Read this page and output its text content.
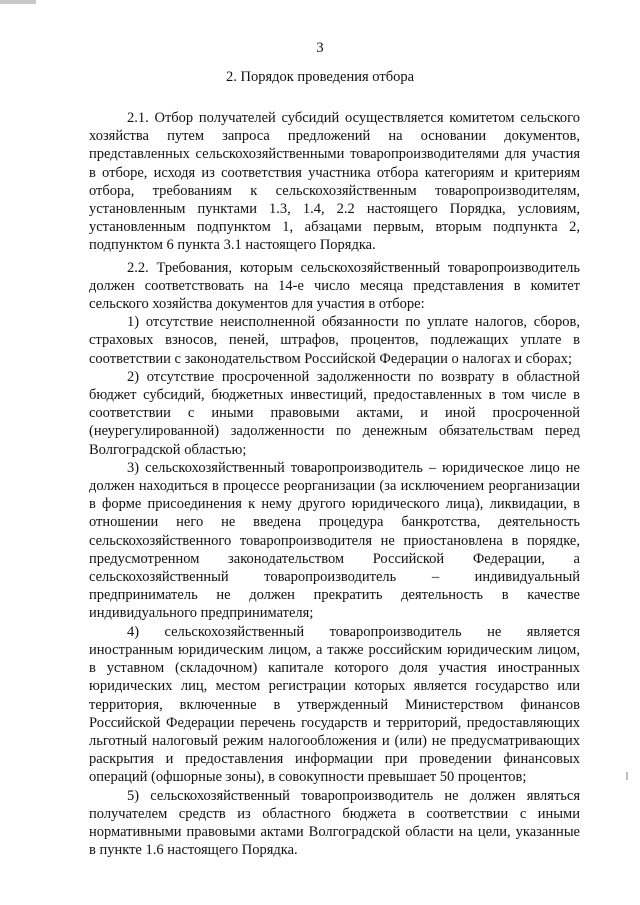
3
2. Порядок проведения отбора

2.1. Отбор получателей субсидий осуществляется комитетом сельского хозяйства путем запроса предложений на основании документов, представленных сельскохозяйственными товаропроизводителями для участия в отборе, исходя из соответствия участника отбора категориям и критериям отбора, требованиям к сельскохозяйственным товаропроизводителям, установленным пунктами 1.3, 1.4, 2.2 настоящего Порядка, условиям, установленным подпунктом 1, абзацами первым, вторым подпункта 2, подпунктом 6 пункта 3.1 настоящего Порядка.

2.2. Требования, которым сельскохозяйственный товаропроизводитель должен соответствовать на 14-е число месяца представления в комитет сельского хозяйства документов для участия в отборе:

1) отсутствие неисполненной обязанности по уплате налогов, сборов, страховых взносов, пеней, штрафов, процентов, подлежащих уплате в соответствии с законодательством Российской Федерации о налогах и сборах;

2) отсутствие просроченной задолженности по возврату в областной бюджет субсидий, бюджетных инвестиций, предоставленных в том числе в соответствии с иными правовыми актами, и иной просроченной (неурегулированной) задолженности по денежным обязательствам перед Волгоградской областью;

3) сельскохозяйственный товаропроизводитель – юридическое лицо не должен находиться в процессе реорганизации (за исключением реорганизации в форме присоединения к нему другого юридического лица), ликвидации, в отношении него не введена процедура банкротства, деятельность сельскохозяйственного товаропроизводителя не приостановлена в порядке, предусмотренном законодательством Российской Федерации, а сельскохозяйственный товаропроизводитель – индивидуальный предприниматель не должен прекратить деятельность в качестве индивидуального предпринимателя;

4) сельскохозяйственный товаропроизводитель не является иностранным юридическим лицом, а также российским юридическим лицом, в уставном (складочном) капитале которого доля участия иностранных юридических лиц, местом регистрации которых является государство или территория, включенные в утвержденный Министерством финансов Российской Федерации перечень государств и территорий, предоставляющих льготный налоговый режим налогообложения и (или) не предусматривающих раскрытия и предоставления информации при проведении финансовых операций (офшорные зоны), в совокупности превышает 50 процентов;

5) сельскохозяйственный товаропроизводитель не должен являться получателем средств из областного бюджета в соответствии с иными нормативными правовыми актами Волгоградской области на цели, указанные в пункте 1.6 настоящего Порядка.
